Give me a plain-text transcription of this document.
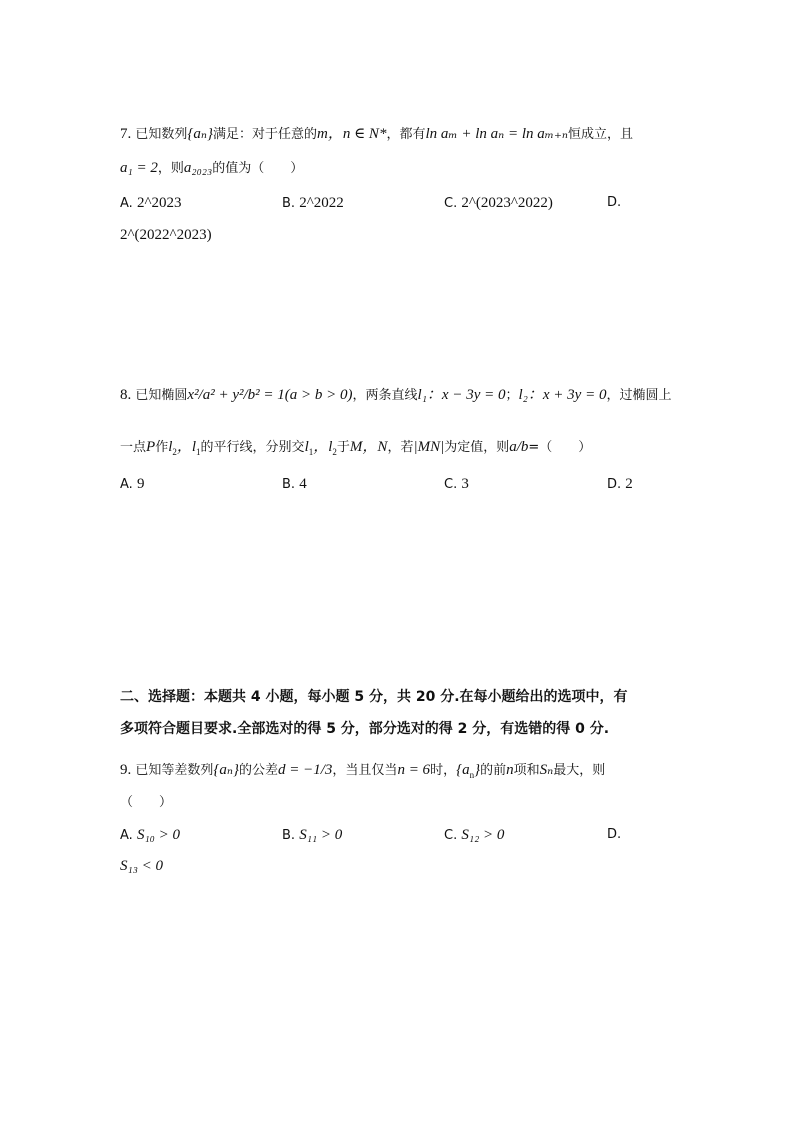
7. 已知数列{aₙ}满足：对于任意的m，n ∈ N*，都有ln aₘ + ln aₙ = ln aₘ₊ₙ恒成立，且
a₁ = 2，则a₂₀₂₃的值为（　　）
A. 2^2023	B. 2^2022	C. 2^(2023^2022)	D.
2^(2022^2023)
8. 已知椭圆x²/a² + y²/b² = 1(a > b > 0)，两条直线l₁：x − 3y = 0；l₂：x + 3y = 0，过椭圆上
一点P作$l_2$，$l_1$的平行线，分别交$l_1$，$l_2$于M，N，若|MN|为定值，则a/b=（　　）
A. 9	B. 4	C. 3	D. 2
二、选择题：本题共 4 小题，每小题 5 分，共 20 分.在每小题给出的选项中，有
多项符合题目要求.全部选对的得 5 分，部分选对的得 2 分，有选错的得 0 分.
9. 已知等差数列{aₙ}的公差d = −1/3，当且仅当n = 6时，$\{a_n\}$的前n项和Sₙ最大，则
（　　）
A. S₁₀ > 0	B. S₁₁ > 0	C. S₁₂ > 0	D.
S₁₃ < 0
